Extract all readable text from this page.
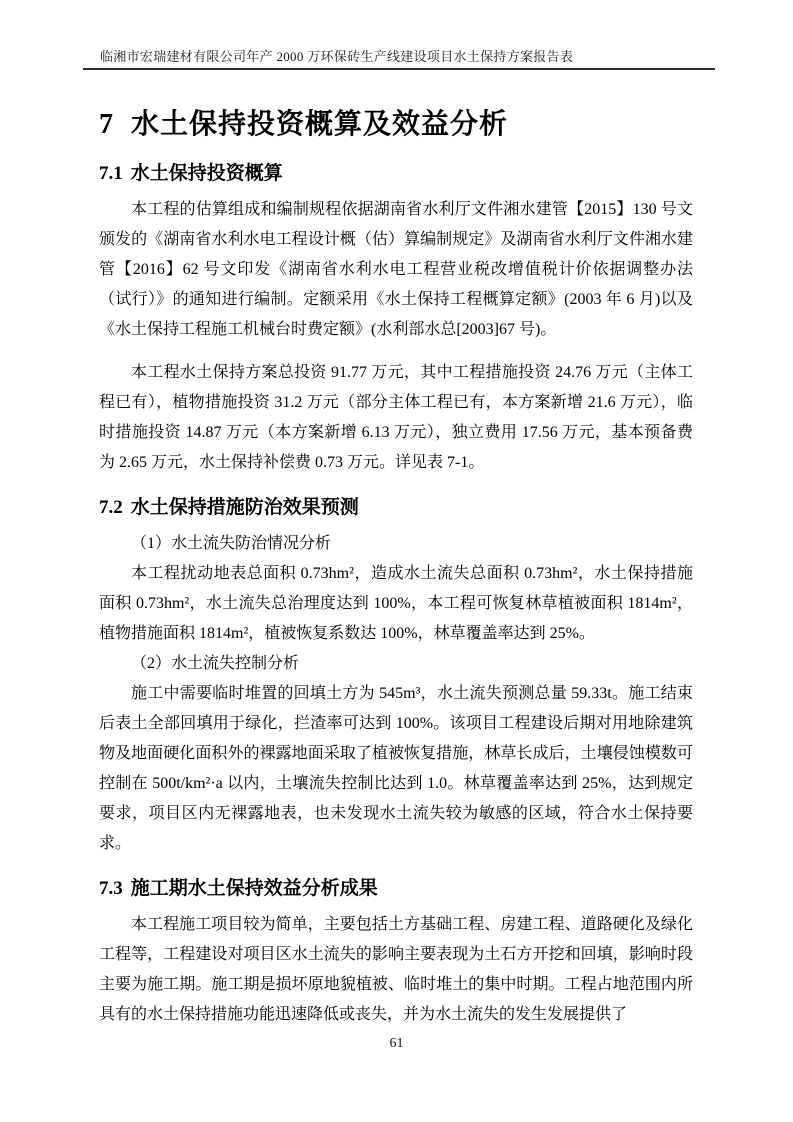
临湘市宏瑞建材有限公司年产 2000 万环保砖生产线建设项目水土保持方案报告表
7 水土保持投资概算及效益分析
7.1 水土保持投资概算

本工程的估算组成和编制规程依据湖南省水利厅文件湘水建管【2015】130 号文颁发的《湖南省水利水电工程设计概（估）算编制规定》及湖南省水利厅文件湘水建管【2016】62 号文印发《湖南省水利水电工程营业税改增值税计价依据调整办法（试行）》的通知进行编制。定额采用《水土保持工程概算定额》(2003 年 6 月)以及《水土保持工程施工机械台时费定额》(水利部水总[2003]67 号)。

本工程水土保持方案总投资 91.77 万元，其中工程措施投资 24.76 万元（主体工程已有），植物措施投资 31.2 万元（部分主体工程已有，本方案新增 21.6 万元），临时措施投资 14.87 万元（本方案新增 6.13 万元），独立费用 17.56 万元，基本预备费为 2.65 万元，水土保持补偿费 0.73 万元。详见表 7-1。

7.2 水土保持措施防治效果预测

（1）水土流失防治情况分析

本工程扰动地表总面积 0.73hm²，造成水土流失总面积 0.73hm²，水土保持措施面积 0.73hm²，水土流失总治理度达到 100%，本工程可恢复林草植被面积 1814m²，植物措施面积 1814m²，植被恢复系数达 100%，林草覆盖率达到 25%。

（2）水土流失控制分析

施工中需要临时堆置的回填土方为 545m³，水土流失预测总量 59.33t。施工结束后表土全部回填用于绿化，拦渣率可达到 100%。该项目工程建设后期对用地除建筑物及地面硬化面积外的裸露地面采取了植被恢复措施，林草长成后，土壤侵蚀模数可控制在 500t/km²·a 以内，土壤流失控制比达到 1.0。林草覆盖率达到 25%，达到规定要求，项目区内无裸露地表，也未发现水土流失较为敏感的区域，符合水土保持要求。

7.3 施工期水土保持效益分析成果

本工程施工项目较为简单，主要包括土方基础工程、房建工程、道路硬化及绿化工程等，工程建设对项目区水土流失的影响主要表现为土石方开挖和回填，影响时段主要为施工期。施工期是损坏原地貌植被、临时堆土的集中时期。工程占地范围内所具有的水土保持措施功能迅速降低或丧失，并为水土流失的发生发展提供了

61
